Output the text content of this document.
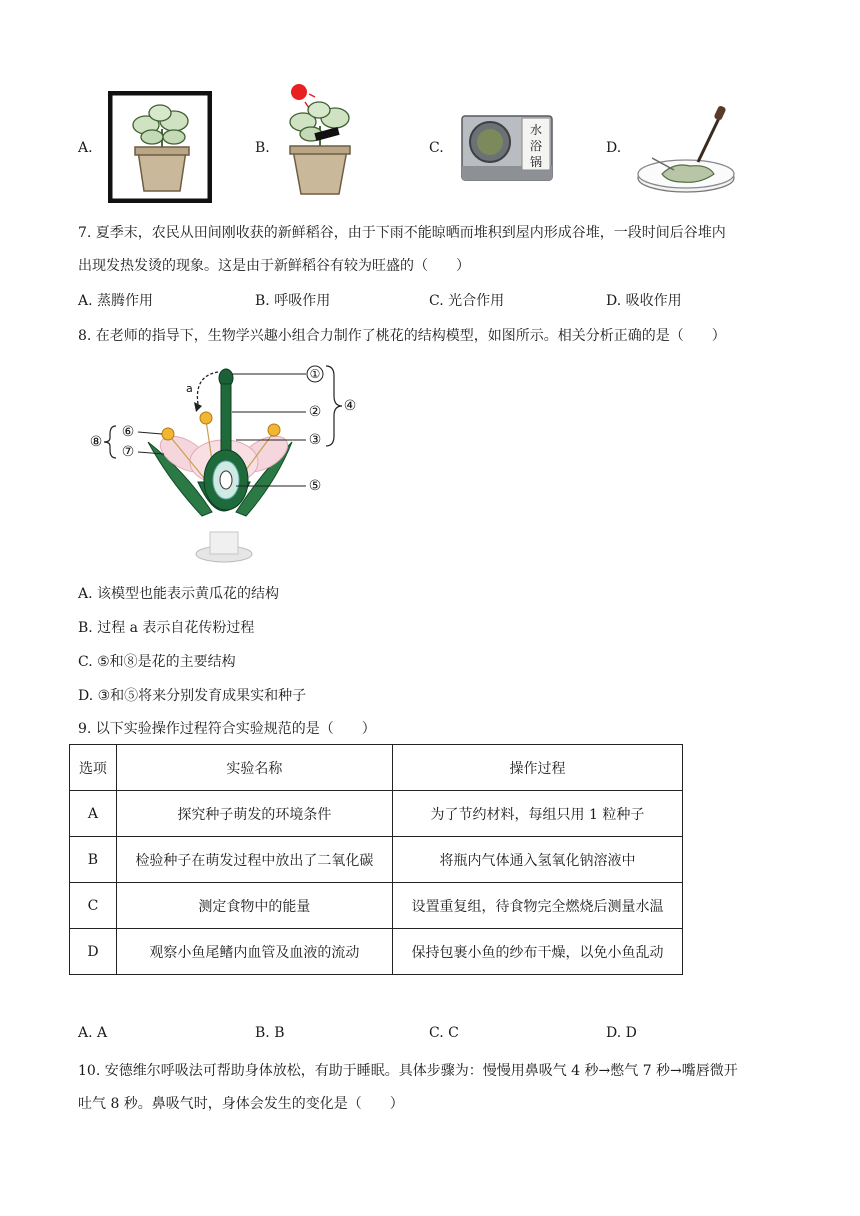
A.	B.	C.
水
浴
锅
D.
7. 夏季末，农民从田间刚收获的新鲜稻谷，由于下雨不能晾晒而堆积到屋内形成谷堆，一段时间后谷堆内
出现发热发烫的现象。这是由于新鲜稻谷有较为旺盛的（　　）
A. 蒸腾作用	B. 呼吸作用	C. 光合作用	D. 吸收作用
8. 在老师的指导下，生物学兴趣小组合力制作了桃花的结构模型，如图所示。相关分析正确的是（　　）
a
①
②
③
⑤
④
⑥
⑦
⑧
A. 该模型也能表示黄瓜花的结构
B. 过程 a 表示自花传粉过程
C. ⑤和⑧是花的主要结构
D. ③和⑤将来分别发育成果实和种子
9. 以下实验操作过程符合实验规范的是（　　）
选项	实验名称	操作过程
A	探究种子萌发的环境条件	为了节约材料，每组只用 1 粒种子
B	检验种子在萌发过程中放出了二氧化碳	将瓶内气体通入氢氧化钠溶液中
C	测定食物中的能量	设置重复组，待食物完全燃烧后测量水温
D	观察小鱼尾鳍内血管及血液的流动	保持包裹小鱼的纱布干燥，以免小鱼乱动
A. A	B. B	C. C	D. D
10. 安德维尔呼吸法可帮助身体放松，有助于睡眠。具体步骤为：慢慢用鼻吸气 4 秒→憋气 7 秒→嘴唇微开
吐气 8 秒。鼻吸气时，身体会发生的变化是（　　）
